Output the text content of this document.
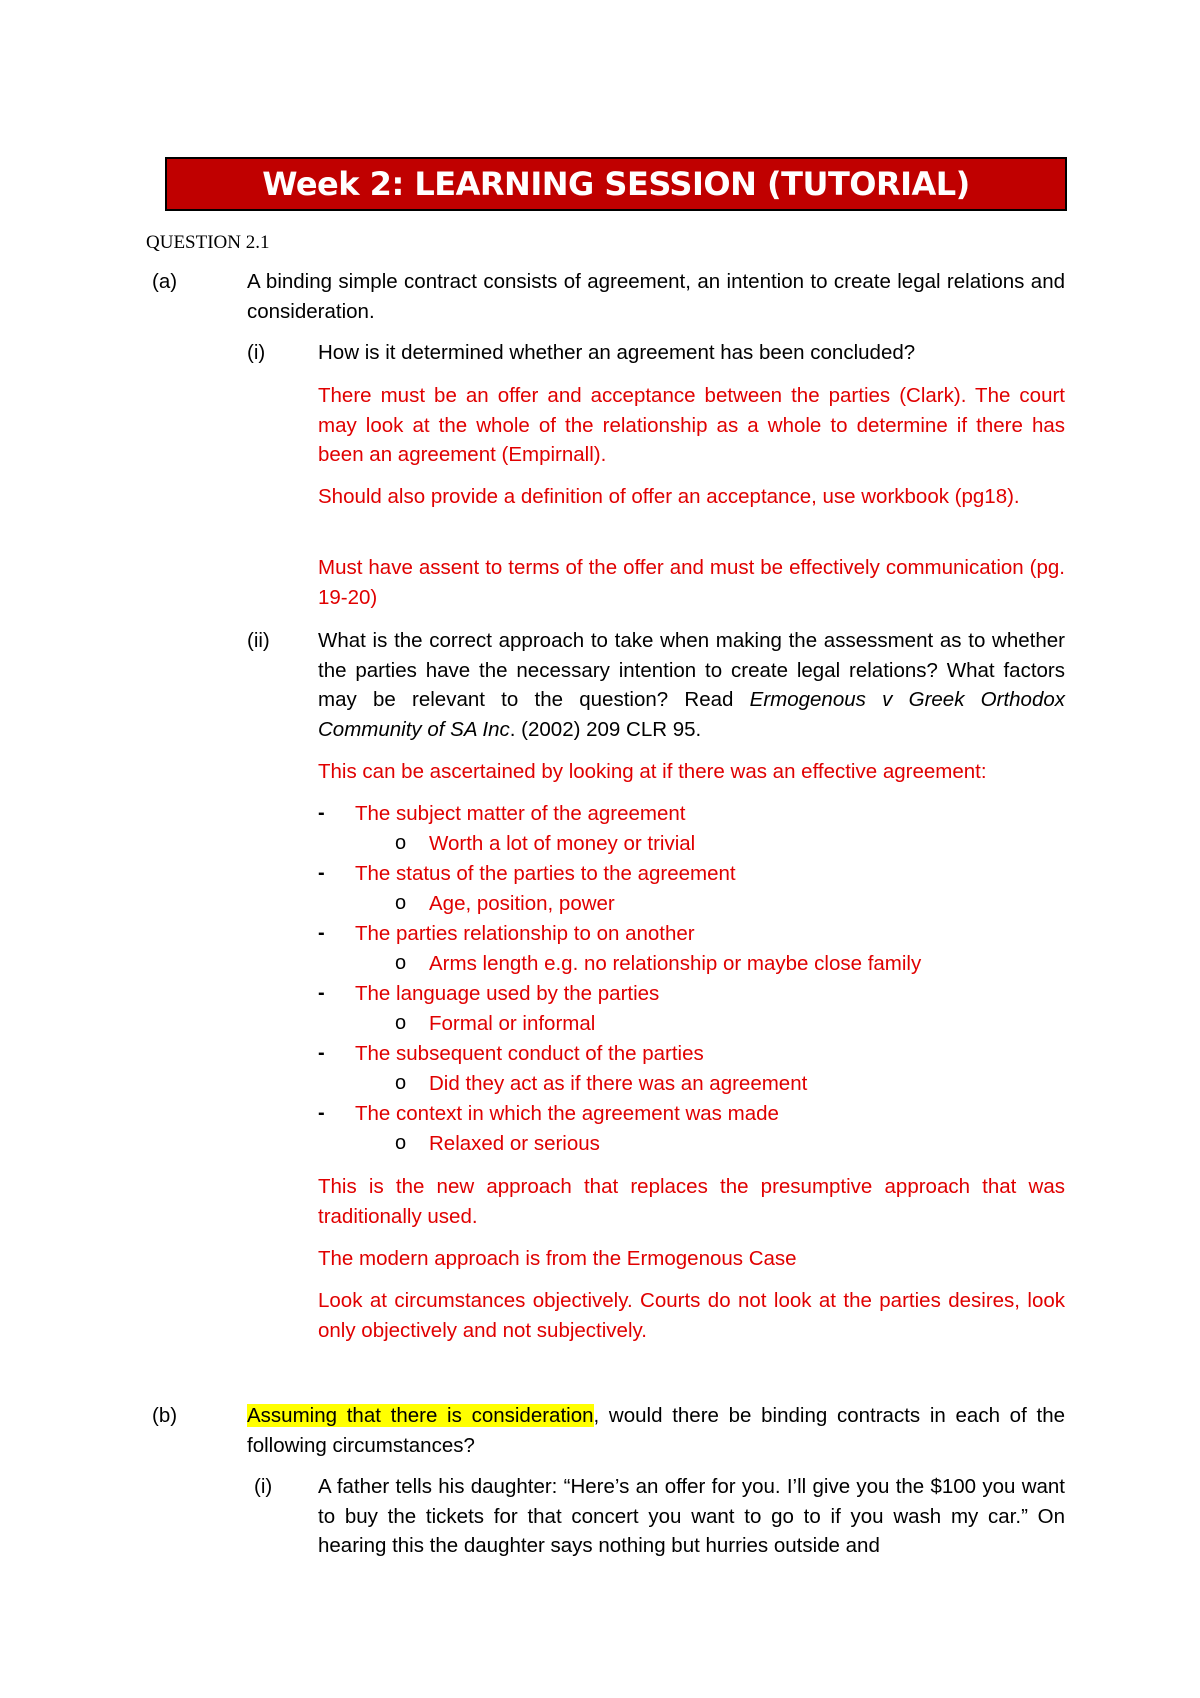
Week 2: LEARNING SESSION (TUTORIAL)
QUESTION 2.1
(a)	A binding simple contract consists of agreement, an intention to create legal relations and consideration.

(i)	How is it determined whether an agreement has been concluded?

There must be an offer and acceptance between the parties (Clark). The court may look at the whole of the relationship as a whole to determine if there has been an agreement (Empirnall).

Should also provide a definition of offer an acceptance, use workbook (pg18).

Must have assent to terms of the offer and must be effectively communication (pg. 19-20)

(ii) What is the correct approach to take when making the assessment as to whether the parties have the necessary intention to create legal relations? What factors may be relevant to the question? Read Ermogenous v Greek Orthodox Community of SA Inc. (2002) 209 CLR 95.

This can be ascertained by looking at if there was an effective agreement:

- The subject matter of the agreement
o Worth a lot of money or trivial
- The status of the parties to the agreement
o Age, position, power
- The parties relationship to on another
o Arms length e.g. no relationship or maybe close family
- The language used by the parties
o Formal or informal
- The subsequent conduct of the parties
o Did they act as if there was an agreement
- The context in which the agreement was made
o Relaxed or serious

This is the new approach that replaces the presumptive approach that was traditionally used.

The modern approach is from the Ermogenous Case

Look at circumstances objectively. Courts do not look at the parties desires, look only objectively and not subjectively.

(b)	Assuming that there is consideration, would there be binding contracts in each of the following circumstances?

(i) A father tells his daughter: “Here’s an offer for you. I’ll give you the $100 you want to buy the tickets for that concert you want to go to if you wash my car.” On hearing this the daughter says nothing but hurries outside and
